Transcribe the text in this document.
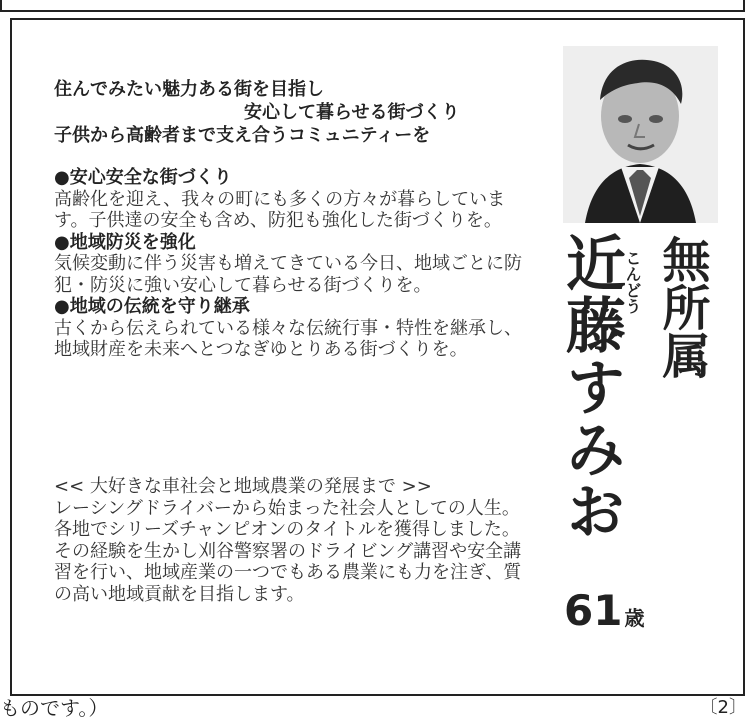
住んでみたい魅力ある街を目指し

安心して暮らせる街づくり
子供から高齢者まで支え合うコミュニティーを
●安心安全な街づくり
高齢化を迎え、我々の町にも多くの方々が暮らしています。子供達の安全も含め、防犯も強化した街づくりを。
●地域防災を強化
気候変動に伴う災害も増えてきている今日、地域ごとに防犯・防災に強い安心して暮らせる街づくりを。
●地域の伝統を守り継承
古くから伝えられている様々な伝統行事・特性を継承し、地域財産を未来へとつなぎゆとりある街づくりを。
<< 大好きな車社会と地域農業の発展まで >>
レーシングドライバーから始まった社会人としての人生。各地でシリーズチャンピオンのタイトルを獲得しました。その経験を生かし刈谷警察署のドライビング講習や安全講習を行い、地域産業の一つでもある農業にも力を注ぎ、質の高い地域貢献を目指します。
無所属
近藤すみお
こんどう
61 歳
ものです。）	〔2〕
